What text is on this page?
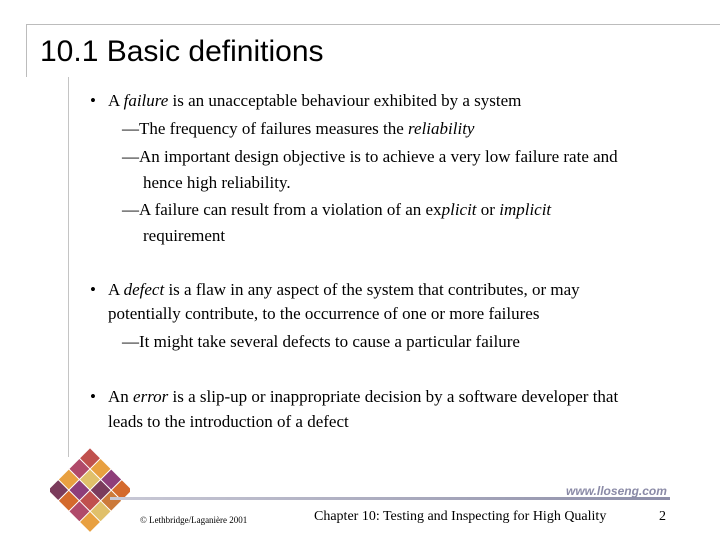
10.1 Basic definitions
• A failure is an unacceptable behaviour exhibited by a system
—The frequency of failures measures the reliability
—An important design objective is to achieve a very low failure rate and
hence high reliability.
—A failure can result from a violation of an explicit or implicit
requirement
• A defect is a flaw in any aspect of the system that contributes, or may
potentially contribute, to the occurrence of one or more failures
—It might take several defects to cause a particular failure
• An error is a slip-up or inappropriate decision by a software developer that
leads to the introduction of a defect
www.lloseng.com
© Lethbridge/Laganière 2001	Chapter 10: Testing and Inspecting for High Quality	2
